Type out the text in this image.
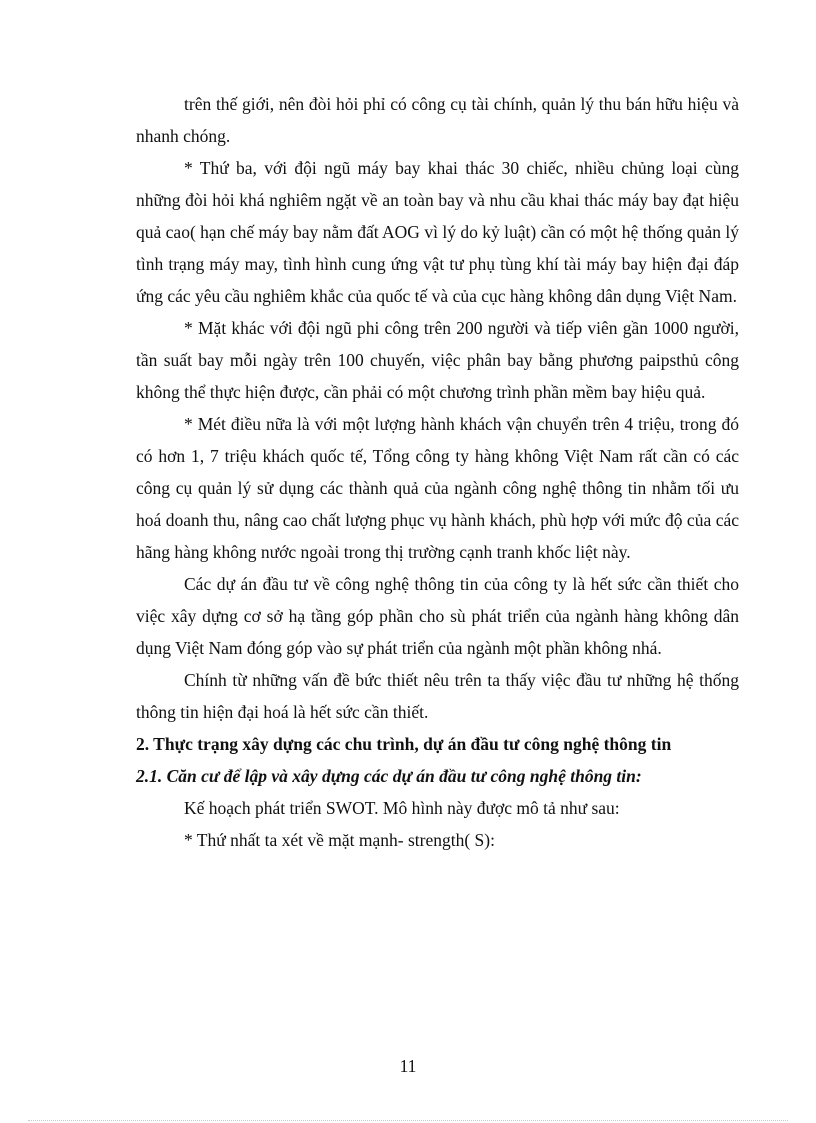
trên thế giới, nên đòi hỏi phỉ có công cụ tài chính, quản lý thu bán hữu hiệu và nhanh chóng.

* Thứ ba, với đội ngũ máy bay khai thác 30 chiếc, nhiều chủng loại cùng những đòi hỏi khá nghiêm ngặt về an toàn bay và nhu cầu khai thác máy bay đạt hiệu quả cao( hạn chế máy bay nằm đất AOG vì lý do kỷ luật) cần có một hệ thống quản lý tình trạng máy may, tình hình cung ứng vật tư phụ tùng khí tài máy bay hiện đại đáp ứng các yêu cầu nghiêm khắc của quốc tế và của cục hàng không dân dụng Việt Nam.

* Mặt khác với đội ngũ phi công trên 200 người và tiếp viên gần 1000 người, tần suất bay mỗi ngày trên 100 chuyến, việc phân bay bằng phương paipsthủ công không thể thực hiện được, cần phải có một chương trình phần mềm bay hiệu quả.

* Mét điều nữa là với một lượng hành khách vận chuyển trên 4 triệu, trong đó có hơn 1, 7 triệu khách quốc tế, Tổng công ty hàng không Việt Nam rất cần có các công cụ quản lý sử dụng các thành quả của ngành công nghệ thông tin nhằm tối ưu hoá doanh thu, nâng cao chất lượng phục vụ hành khách, phù hợp với mức độ của các hãng hàng không nước ngoài trong thị trường cạnh tranh khốc liệt này.

Các dự án đầu tư về công nghệ thông tin của công ty là hết sức cần thiết cho việc xây dựng cơ sở hạ tầng góp phần cho sù phát triển của ngành hàng không dân dụng Việt Nam đóng góp vào sự phát triển của ngành một phần không nhá.

Chính từ những vấn đề bức thiết nêu trên ta thấy việc đầu tư những hệ thống thông tin hiện đại hoá là hết sức cần thiết.

2. Thực trạng xây dựng các chu trình, dự án đầu tư công nghệ thông tin

2.1. Căn cư để lập và xây dựng các dự án đầu tư công nghệ thông tin:

Kế hoạch phát triển SWOT. Mô hình này được mô tả như sau:

* Thứ nhất ta xét về mặt mạnh- strength( S):

11
